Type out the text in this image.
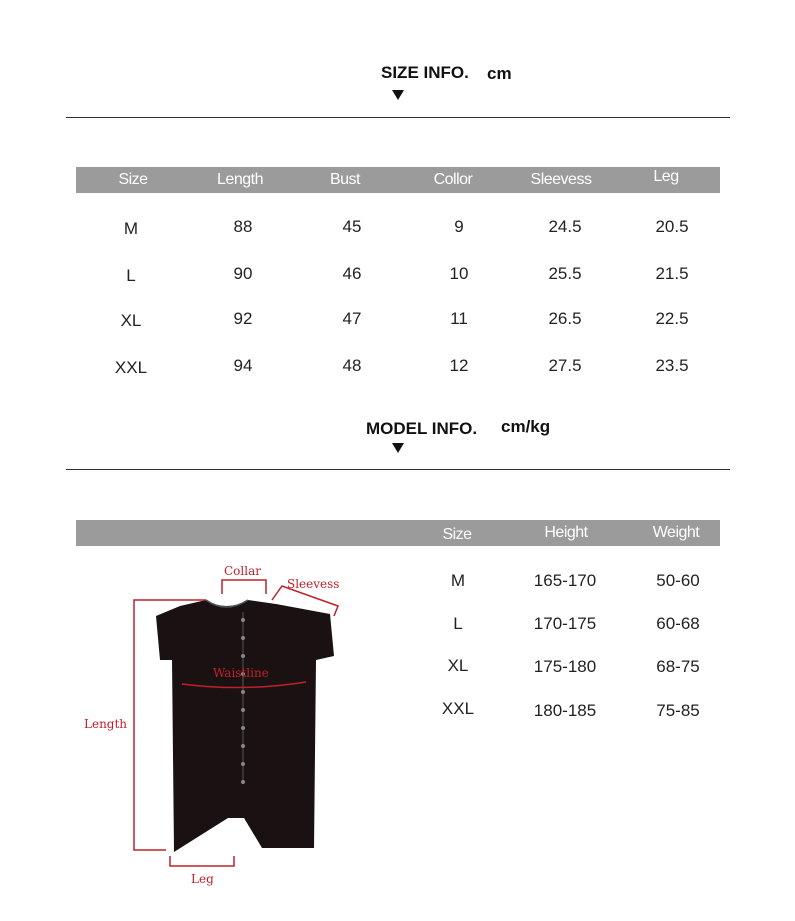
SIZE INFO. cm
Size	Length	Bust	Collor	Sleevess	Leg
M	88	45	9	24.5	20.5
L	90	46	10	25.5	21.5
XL	92	47	11	26.5	22.5
XXL	94	48	12	27.5	23.5
MODEL INFO. cm/kg
Size	Height	Weight
M	165-170	50-60
L	170-175	60-68
XL	175-180	68-75
XXL	180-185	75-85
Collar
Sleevess
Waistline
Length
Leg
